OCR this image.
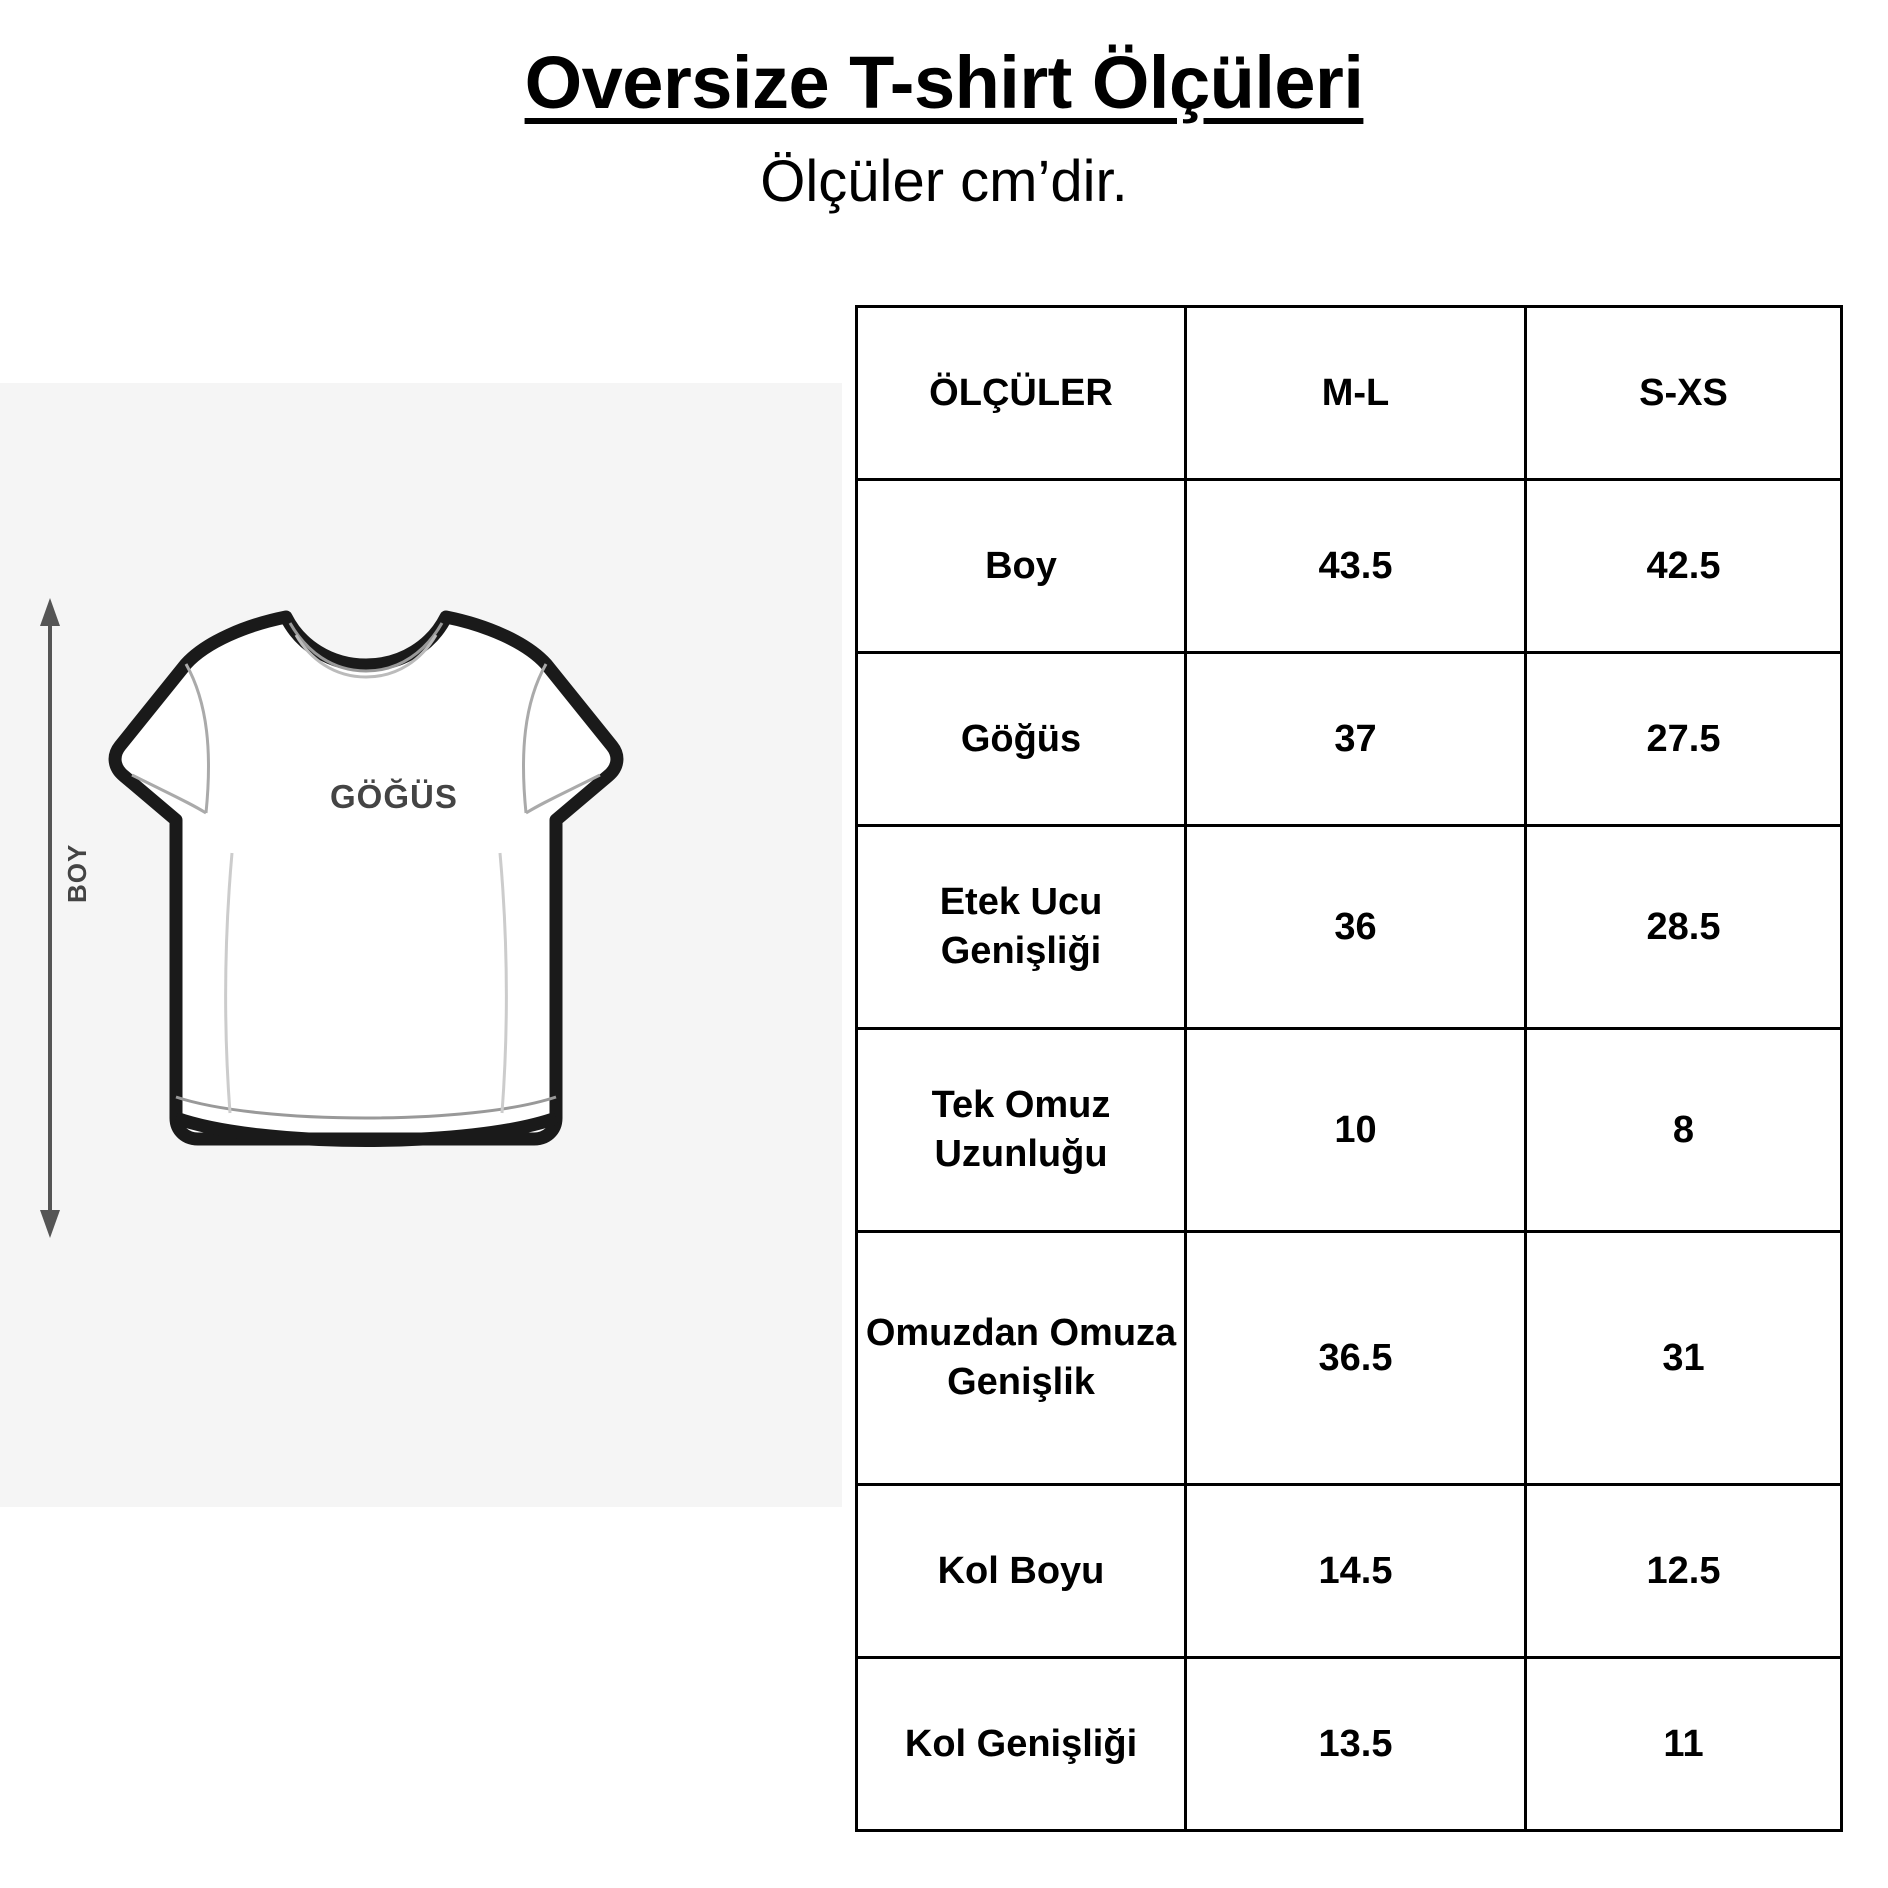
Oversize T-shirt Ölçüleri
Ölçüler cm’dir.
BOY
GÖĞÜS
ÖLÇÜLER	M-L	S-XS
Boy	43.5	42.5
Göğüs	37	27.5
Etek Ucu Genişliği	36	28.5
Tek Omuz Uzunluğu	10	8
Omuzdan Omuza Genişlik	36.5	31
Kol Boyu	14.5	12.5
Kol Genişliği	13.5	11
